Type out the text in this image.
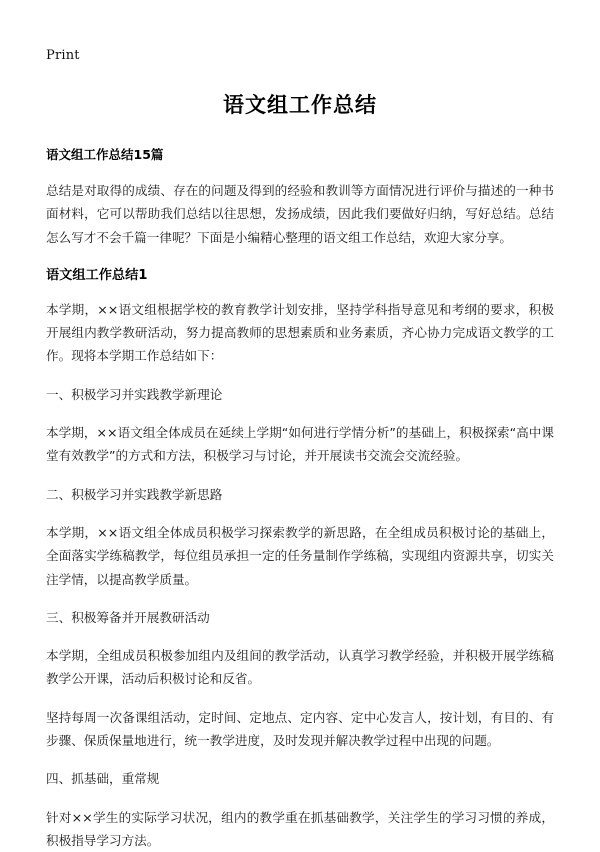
Print
语文组工作总结
语文组工作总结15篇

总结是对取得的成绩、存在的问题及得到的经验和教训等方面情况进行评价与描述的一种书面材料，它可以帮助我们总结以往思想，发扬成绩，因此我们要做好归纳，写好总结。总结怎么写才不会千篇一律呢？下面是小编精心整理的语文组工作总结，欢迎大家分享。

语文组工作总结1

本学期，××语文组根据学校的教育教学计划安排，坚持学科指导意见和考纲的要求，积极开展组内教学教研活动，努力提高教师的思想素质和业务素质，齐心协力完成语文教学的工作。现将本学期工作总结如下：

一、积极学习并实践教学新理论

本学期，××语文组全体成员在延续上学期“如何进行学情分析”的基础上，积极探索“高中课堂有效教学”的方式和方法，积极学习与讨论，并开展读书交流会交流经验。

二、积极学习并实践教学新思路

本学期，××语文组全体成员积极学习探索教学的新思路，在全组成员积极讨论的基础上，全面落实学练稿教学，每位组员承担一定的任务量制作学练稿，实现组内资源共享，切实关注学情，以提高教学质量。

三、积极筹备并开展教研活动

本学期，全组成员积极参加组内及组间的教学活动，认真学习教学经验，并积极开展学练稿教学公开课，活动后积极讨论和反省。

坚持每周一次备课组活动，定时间、定地点、定内容、定中心发言人，按计划，有目的、有步骤、保质保量地进行，统一教学进度，及时发现并解决教学过程中出现的问题。

四、抓基础，重常规

针对××学生的实际学习状况，组内的教学重在抓基础教学，关注学生的学习习惯的养成，积极指导学习方法。
